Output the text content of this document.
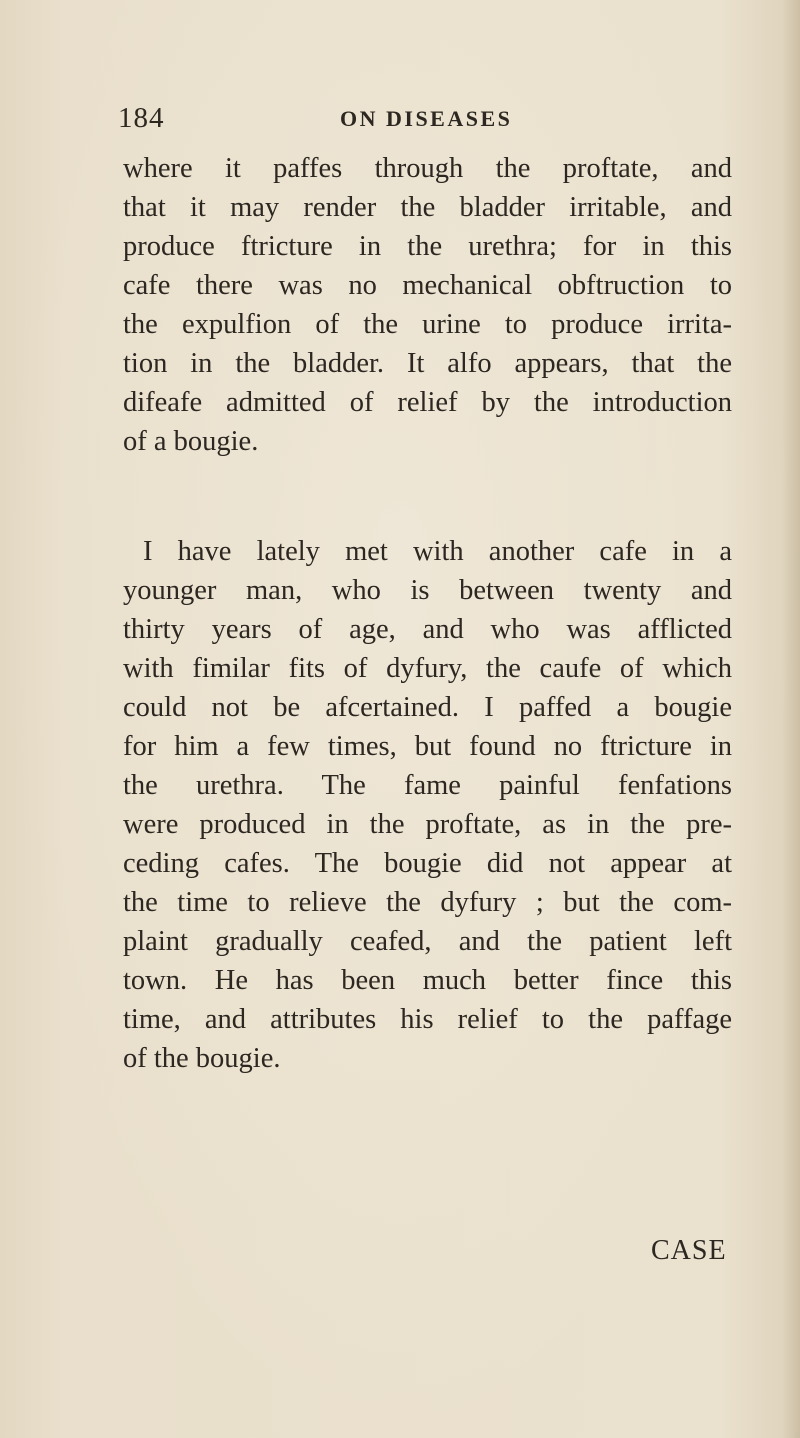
184	ON DISEASES
where it paffes through the proftate, and
that it may render the bladder irritable, and
produce ftricture in the urethra; for in this
cafe there was no mechanical obftruction to
the expulfion of the urine to produce irrita-
tion in the bladder. It alfo appears, that the
difeafe admitted of relief by the introduction
of a bougie.
I have lately met with another cafe in a
younger man, who is between twenty and
thirty years of age, and who was afflicted
with fimilar fits of dyfury, the caufe of which
could not be afcertained. I paffed a bougie
for him a few times, but found no ftricture in
the urethra. The fame painful fenfations
were produced in the proftate, as in the pre-
ceding cafes. The bougie did not appear at
the time to relieve the dyfury ; but the com-
plaint gradually ceafed, and the patient left
town. He has been much better fince this
time, and attributes his relief to the paffage
of the bougie.
CASE
